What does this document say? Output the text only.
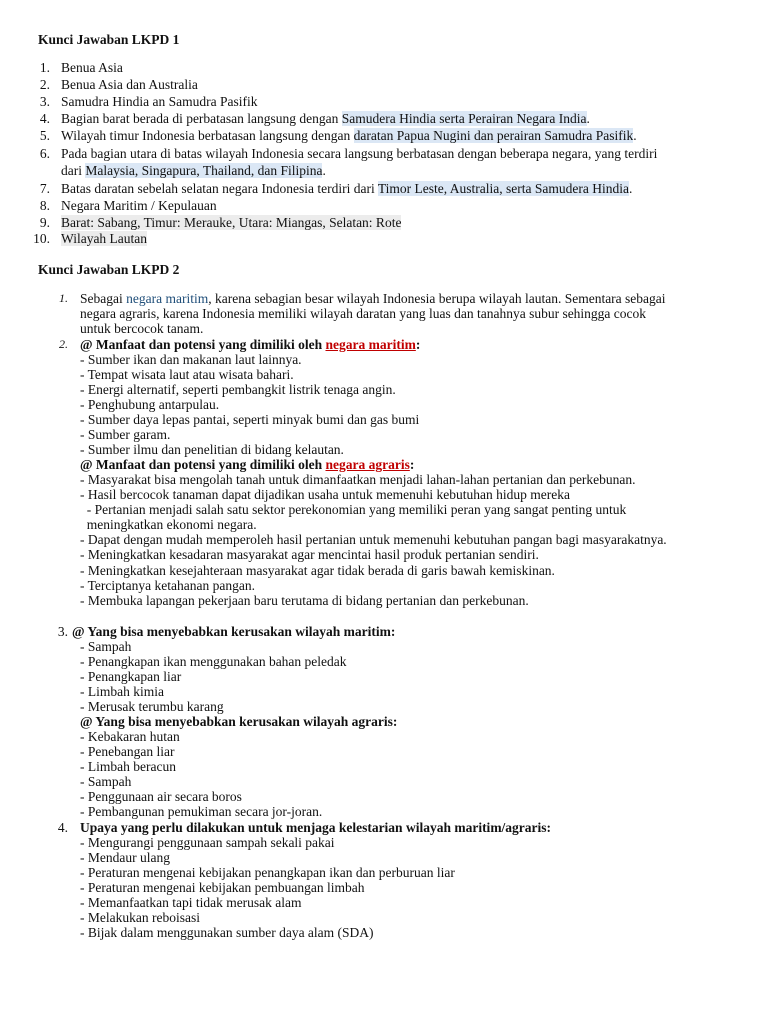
Kunci Jawaban LKPD 1
1. Benua Asia
2. Benua Asia dan Australia
3. Samudra Hindia an Samudra Pasifik
4. Bagian barat berada di perbatasan langsung dengan Samudera Hindia serta Perairan Negara India.
5. Wilayah timur Indonesia berbatasan langsung dengan daratan Papua Nugini dan perairan Samudra Pasifik.
6. Pada bagian utara di batas wilayah Indonesia secara langsung berbatasan dengan beberapa negara, yang terdiri
dari Malaysia, Singapura, Thailand, dan Filipina.
7. Batas daratan sebelah selatan negara Indonesia terdiri dari Timor Leste, Australia, serta Samudera Hindia.
8. Negara Maritim / Kepulauan
9. Barat: Sabang, Timur: Merauke, Utara: Miangas, Selatan: Rote
10. Wilayah Lautan
Kunci Jawaban LKPD 2
1. Sebagai negara maritim, karena sebagian besar wilayah Indonesia berupa wilayah lautan. Sementara sebagai
negara agraris, karena Indonesia memiliki wilayah daratan yang luas dan tanahnya subur sehingga cocok
untuk bercocok tanam.
2. @ Manfaat dan potensi yang dimiliki oleh negara maritim:
- Sumber ikan dan makanan laut lainnya.
- Tempat wisata laut atau wisata bahari.
- Energi alternatif, seperti pembangkit listrik tenaga angin.
- Penghubung antarpulau.
- Sumber daya lepas pantai, seperti minyak bumi dan gas bumi
- Sumber garam.
- Sumber ilmu dan penelitian di bidang kelautan.
@ Manfaat dan potensi yang dimiliki oleh negara agraris:
- Masyarakat bisa mengolah tanah untuk dimanfaatkan menjadi lahan-lahan pertanian dan perkebunan.
- Hasil bercocok tanaman dapat dijadikan usaha untuk memenuhi kebutuhan hidup mereka
- Pertanian menjadi salah satu sektor perekonomian yang memiliki peran yang sangat penting untuk
meningkatkan ekonomi negara.
- Dapat dengan mudah memperoleh hasil pertanian untuk memenuhi kebutuhan pangan bagi masyarakatnya.
- Meningkatkan kesadaran masyarakat agar mencintai hasil produk pertanian sendiri.
- Meningkatkan kesejahteraan masyarakat agar tidak berada di garis bawah kemiskinan.
- Terciptanya ketahanan pangan.
- Membuka lapangan pekerjaan baru terutama di bidang pertanian dan perkebunan.
3. @ Yang bisa menyebabkan kerusakan wilayah maritim:
- Sampah
- Penangkapan ikan menggunakan bahan peledak
- Penangkapan liar
- Limbah kimia
- Merusak terumbu karang
@ Yang bisa menyebabkan kerusakan wilayah agraris:
- Kebakaran hutan
- Penebangan liar
- Limbah beracun
- Sampah
- Penggunaan air secara boros
- Pembangunan pemukiman secara jor-joran.
4. Upaya yang perlu dilakukan untuk menjaga kelestarian wilayah maritim/agraris:
- Mengurangi penggunaan sampah sekali pakai
- Mendaur ulang
- Peraturan mengenai kebijakan penangkapan ikan dan perburuan liar
- Peraturan mengenai kebijakan pembuangan limbah
- Memanfaatkan tapi tidak merusak alam
- Melakukan reboisasi
- Bijak dalam menggunakan sumber daya alam (SDA)
